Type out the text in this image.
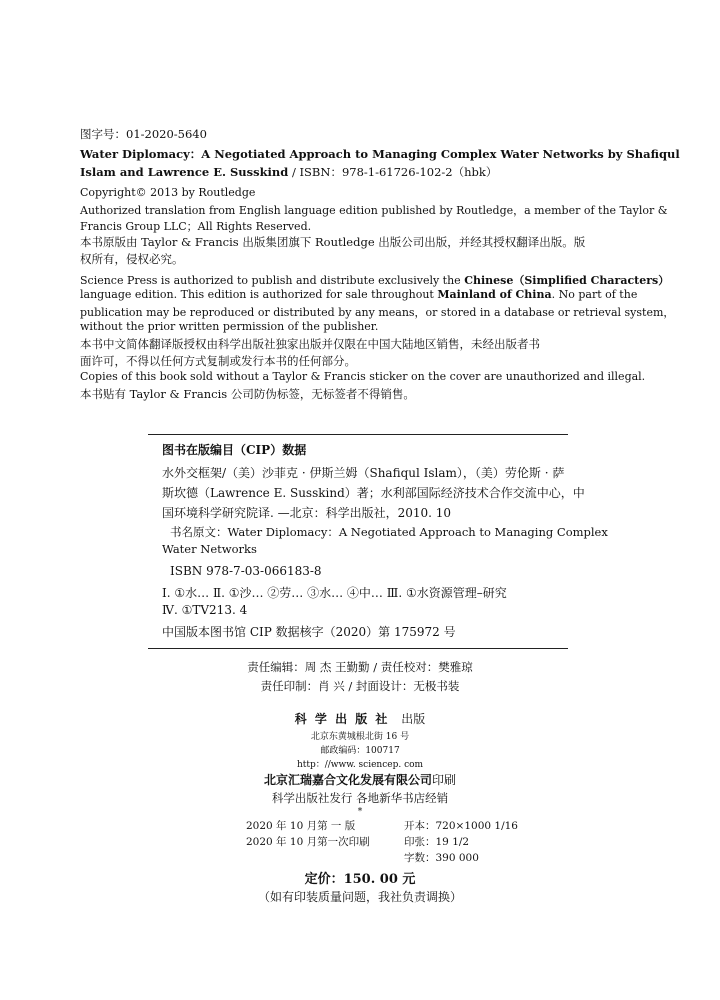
图字号：01-2020-5640
Water Diplomacy：A Negotiated Approach to Managing Complex Water Networks by Shafiqul
Islam and Lawrence E. Susskind / ISBN：978-1-61726-102-2（hbk）
Copyright© 2013 by Routledge
Authorized translation from English language edition published by Routledge，a member of the Taylor &
Francis Group LLC；All Rights Reserved.
本书原版由 Taylor & Francis 出版集团旗下 Routledge 出版公司出版，并经其授权翻译出版。版
权所有，侵权必究。
Science Press is authorized to publish and distribute exclusively the Chinese（Simplified Characters）
language edition. This edition is authorized for sale throughout Mainland of China. No part of the
publication may be reproduced or distributed by any means，or stored in a database or retrieval system，
without the prior written permission of the publisher.
本书中文简体翻译版授权由科学出版社独家出版并仅限在中国大陆地区销售，未经出版者书
面许可，不得以任何方式复制或发行本书的任何部分。
Copies of this book sold without a Taylor & Francis sticker on the cover are unauthorized and illegal.
本书贴有 Taylor & Francis 公司防伪标签，无标签者不得销售。
图书在版编目（CIP）数据
水外交框架/（美）沙菲克 · 伊斯兰姆（Shafiqul Islam），（美）劳伦斯 · 萨
斯坎德（Lawrence E. Susskind）著；水利部国际经济技术合作交流中心，中
国环境科学研究院译. —北京：科学出版社，2010. 10
书名原文：Water Diplomacy：A Negotiated Approach to Managing Complex
Water Networks
ISBN 978-7-03-066183-8
Ⅰ. ①水… Ⅱ. ①沙… ②劳… ③水… ④中… Ⅲ. ①水资源管理–研究
Ⅳ. ①TV213. 4
中国版本图书馆 CIP 数据核字（2020）第 175972 号
责任编辑：周 杰 王勤勤 / 责任校对：樊雅琼
责任印制：肖 兴 / 封面设计：无极书装
科 学 出 版 社 出版
北京东黄城根北街 16 号
邮政编码：100717
http：//www. sciencep. com
北京汇瑞嘉合文化发展有限公司印刷
科学出版社发行 各地新华书店经销
*
2020 年 10 月第 一 版	开本：720×1000 1/16
2020 年 10 月第一次印刷	印张：19 1/2
字数：390 000
定价：150. 00 元
（如有印装质量问题，我社负责调换）
